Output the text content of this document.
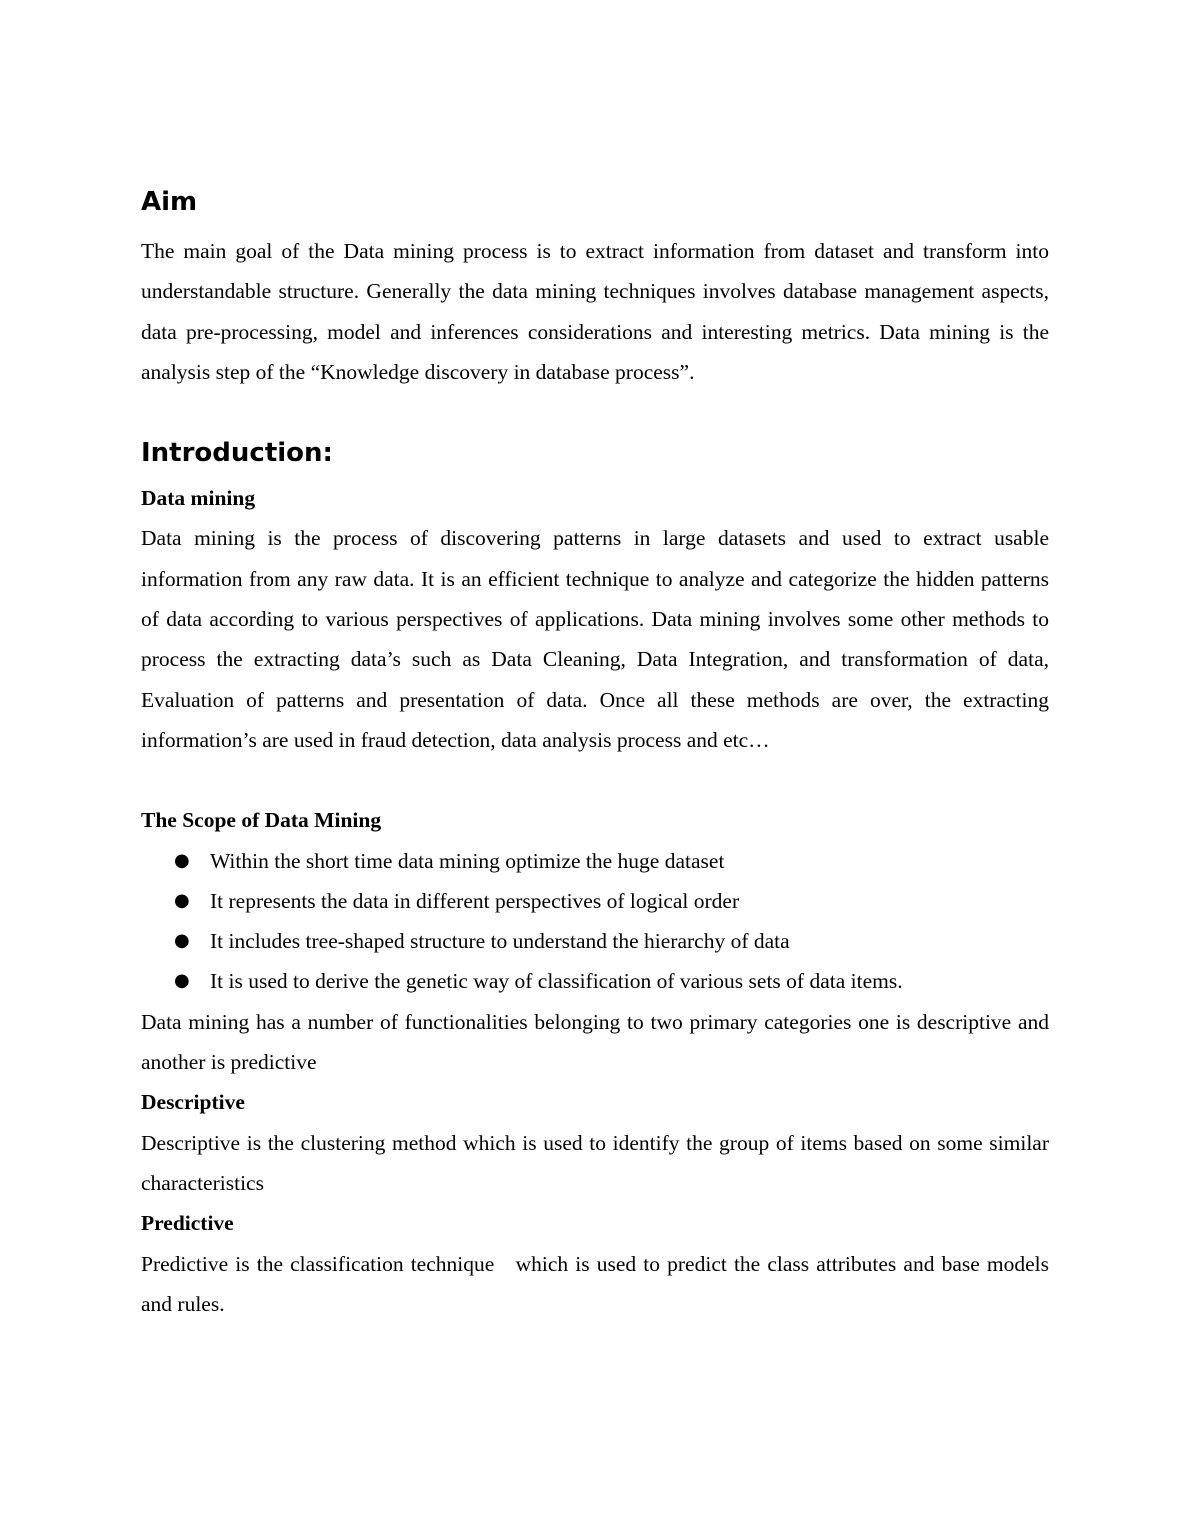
Aim

The main goal of the Data mining process is to extract information from dataset and transform into understandable structure. Generally the data mining techniques involves database management aspects, data pre-processing, model and inferences considerations and interesting metrics. Data mining is the analysis step of the “Knowledge discovery in database process”.

Introduction:
Data mining

Data mining is the process of discovering patterns in large datasets and used to extract usable information from any raw data. It is an efficient technique to analyze and categorize the hidden patterns of data according to various perspectives of applications. Data mining involves some other methods to process the extracting data’s such as Data Cleaning, Data Integration, and transformation of data, Evaluation of patterns and presentation of data. Once all these methods are over, the extracting information’s are used in fraud detection, data analysis process and etc…

The Scope of Data Mining
● Within the short time data mining optimize the huge dataset
● It represents the data in different perspectives of logical order
● It includes tree-shaped structure to understand the hierarchy of data
● It is used to derive the genetic way of classification of various sets of data items.

Data mining has a number of functionalities belonging to two primary categories one is descriptive and another is predictive

Descriptive

Descriptive is the clustering method which is used to identify the group of items based on some similar characteristics

Predictive

Predictive is the classification technique   which is used to predict the class attributes and base models and rules.
